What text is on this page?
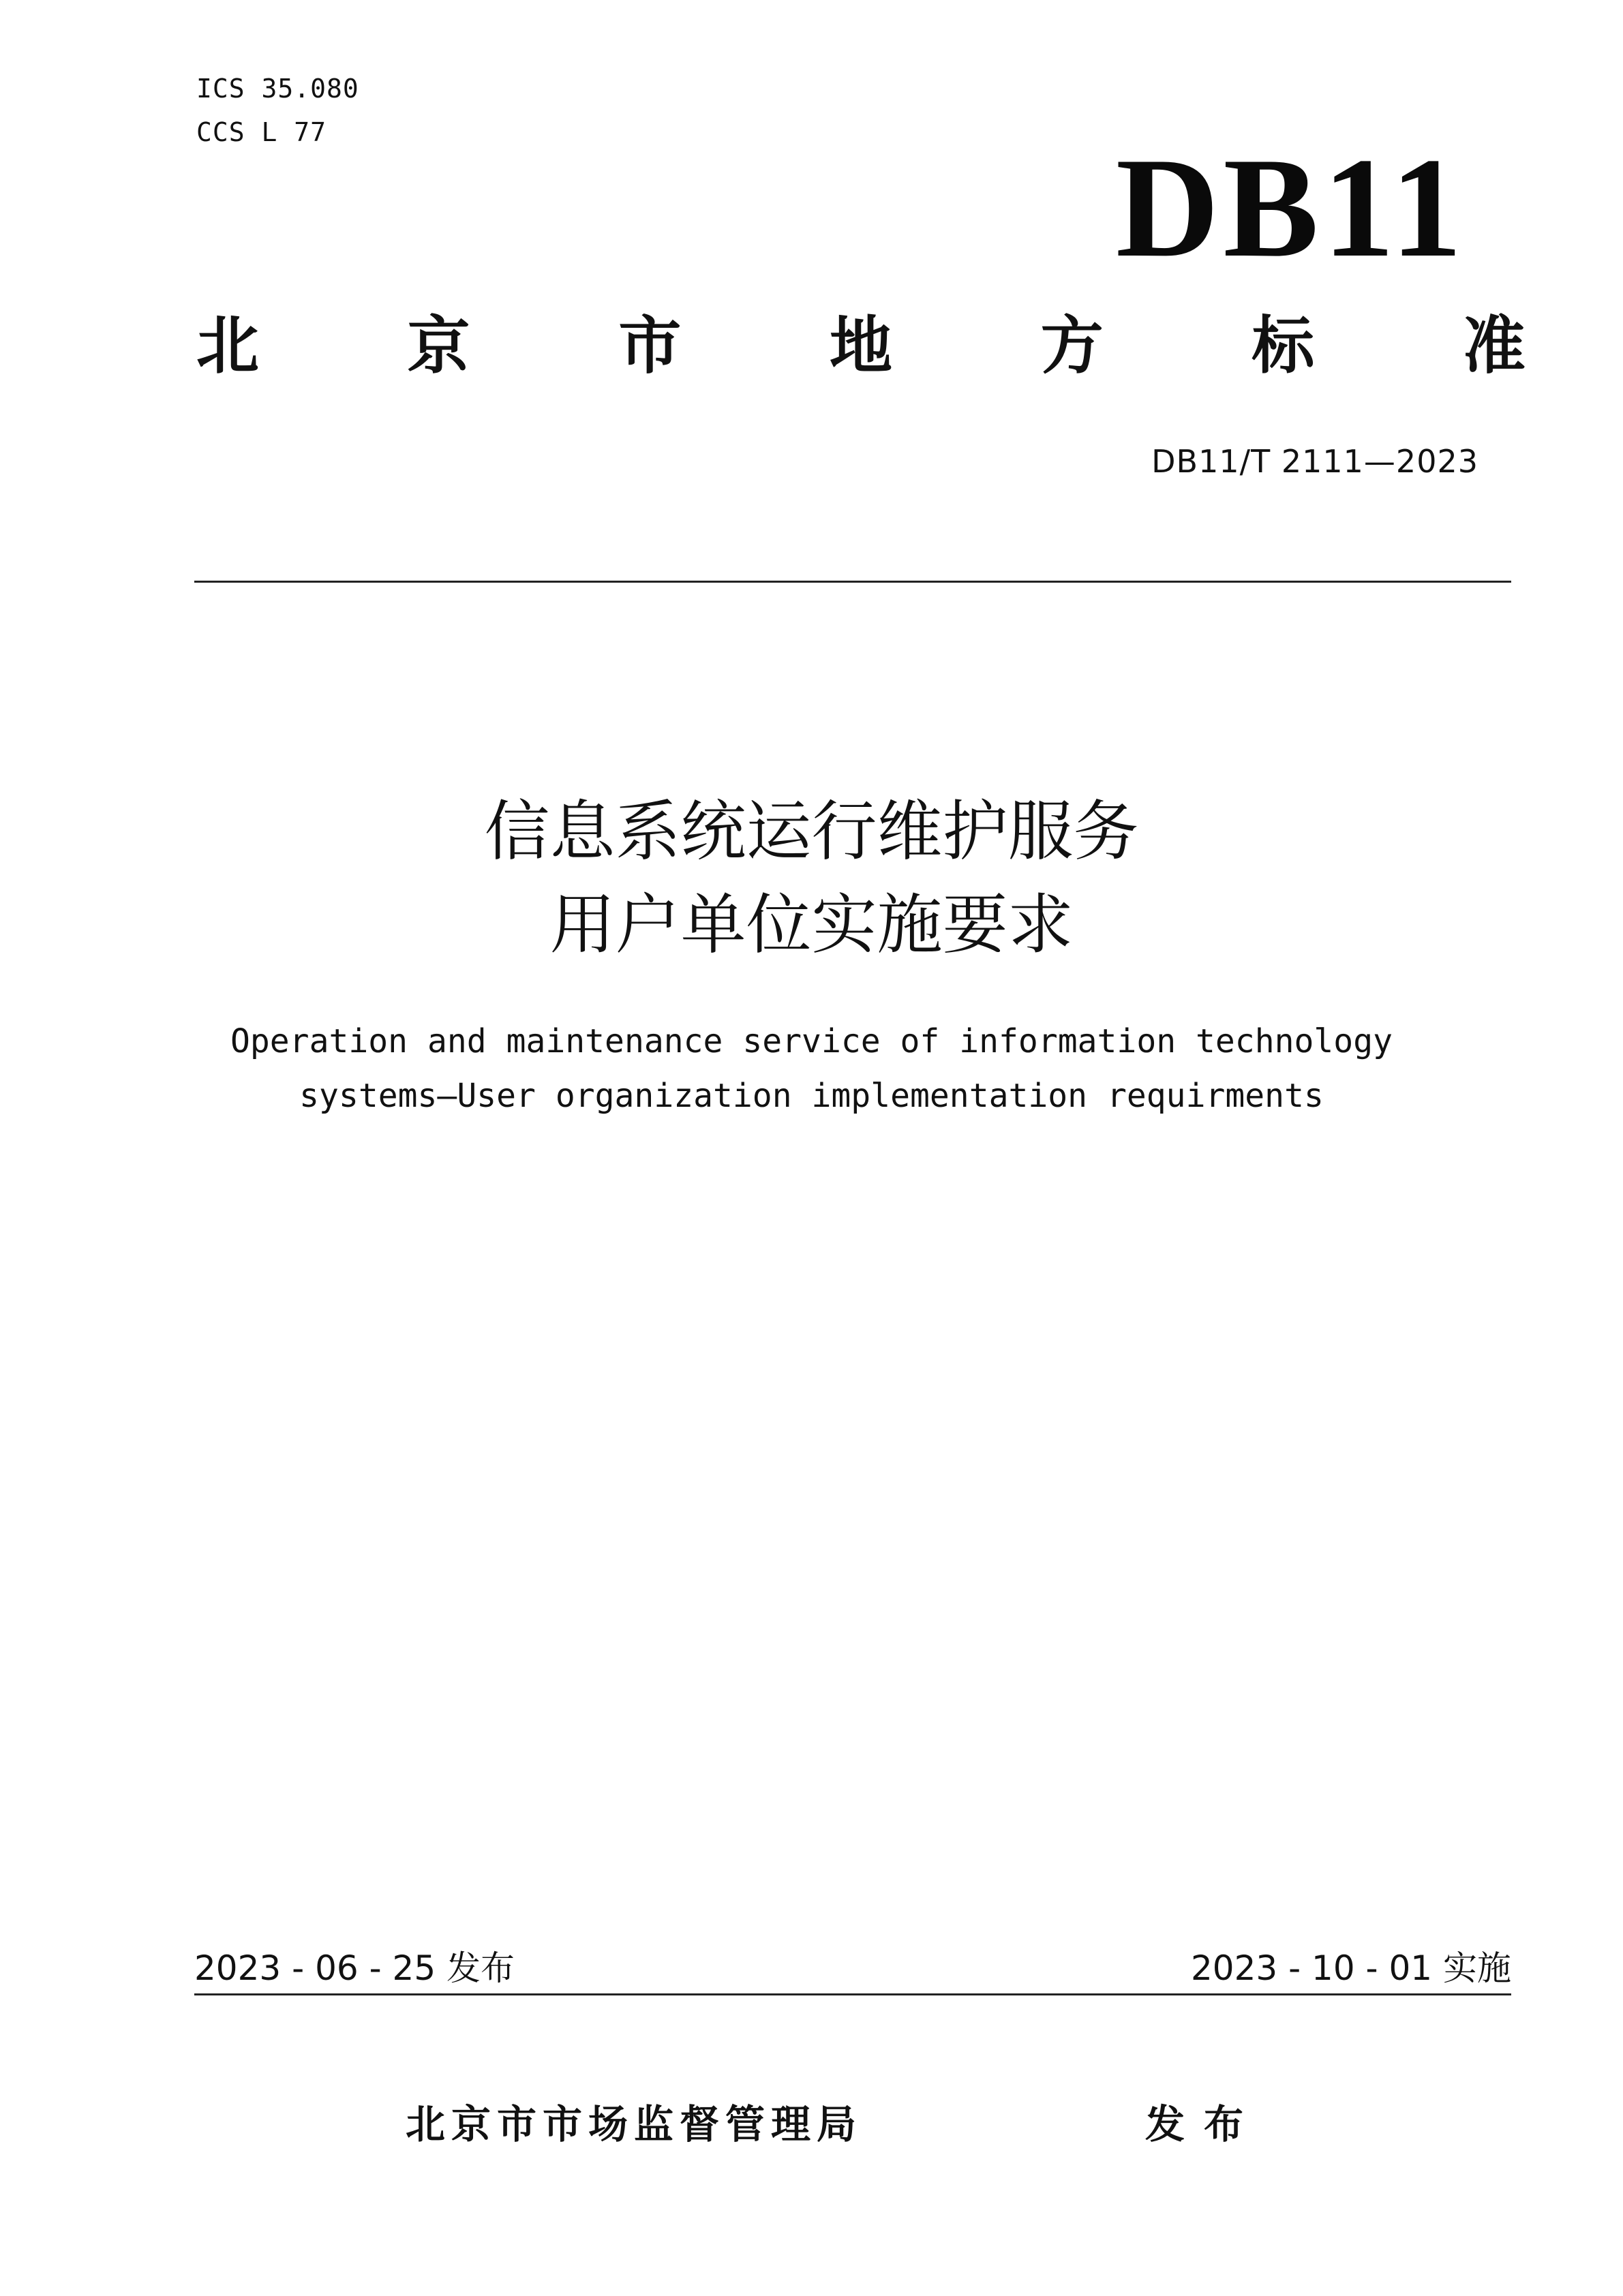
ICS 35.080
CCS L 77	DB11
北 京 市 地 方 标 准
DB11/T 2111—2023
信息系统运行维护服务
用户单位实施要求
Operation and maintenance service of information technology
systems—User organization implementation requirments
2023 - 06 - 25 发布	2023 - 10 - 01 实施
北京市市场监督管理局	发布
